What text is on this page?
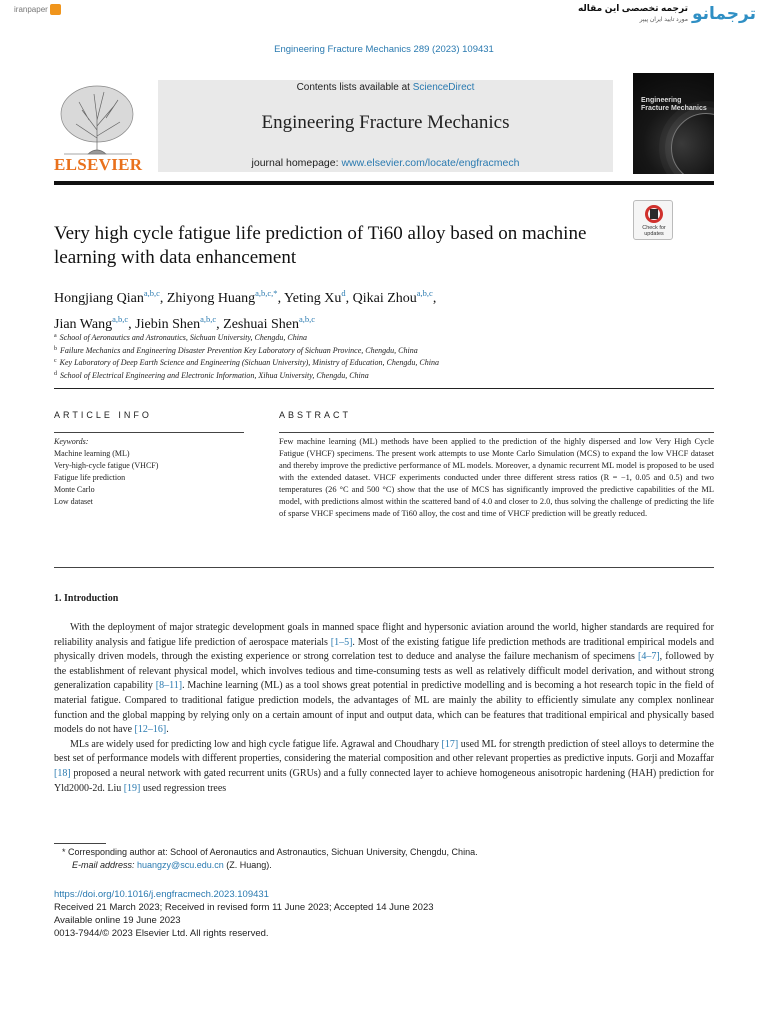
iranpaper	ترجمه تخصصی این مقاله
مورد تایید ایران پیپر ترجمانو
Engineering Fracture Mechanics 289 (2023) 109431
ELSEVIER
Contents lists available at ScienceDirect
Engineering Fracture Mechanics
journal homepage: www.elsevier.com/locate/engfracmech
Engineering Fracture Mechanics
Check for updates
Very high cycle fatigue life prediction of Ti60 alloy based on machine learning with data enhancement
Hongjiang Qian$^{a,b,c}$, Zhiyong Huang$^{a,b,c,*}$, Yeting Xu$^d$, Qikai Zhou$^{a,b,c}$,
Jian Wang$^{a,b,c}$, Jiebin Shen$^{a,b,c}$, Zeshuai Shen$^{a,b,c}$
$^a$ School of Aeronautics and Astronautics, Sichuan University, Chengdu, China
$^b$ Failure Mechanics and Engineering Disaster Prevention Key Laboratory of Sichuan Province, Chengdu, China
$^c$ Key Laboratory of Deep Earth Science and Engineering (Sichuan University), Ministry of Education, Chengdu, China
$^d$ School of Electrical Engineering and Electronic Information, Xihua University, Chengdu, China
ARTICLE INFO	ABSTRACT
Keywords:
Machine learning (ML)
Very-high-cycle fatigue (VHCF)
Fatigue life prediction
Monte Carlo
Low dataset
Few machine learning (ML) methods have been applied to the prediction of the highly dispersed and low Very High Cycle Fatigue (VHCF) specimens. The present work attempts to use Monte Carlo Simulation (MCS) to expand the low VHCF dataset and thereby improve the predictive performance of ML models. Moreover, a dynamic recurrent ML model is proposed to be used with the extended dataset. VHCF experiments conducted under three different stress ratios (R = −1, 0.05 and 0.5) and two temperatures (26 °C and 500 °C) show that the use of MCS has significantly improved the predictive capabilities of the ML model, with predictions almost within the scattered band of 4.0 and closer to 2.0, thus solving the challenge of predicting the life of sparse VHCF specimens made of Ti60 alloy, the cost and time of VHCF prediction will be greatly reduced.
1. Introduction

With the deployment of major strategic development goals in manned space flight and hypersonic aviation around the world, higher standards are required for reliability analysis and fatigue life prediction of aerospace materials [1–5]. Most of the existing fatigue life prediction methods are traditional empirical models and physically driven models, through the existing experience or strong correlation test to deduce and analyse the failure mechanism of specimens [4–7], followed by the establishment of relevant physical model, which involves tedious and time-consuming tests as well as relatively difficult model derivation, and without strong generalization capability [8–11]. Machine learning (ML) as a tool shows great potential in predictive modelling and is becoming a hot research topic in the field of material fatigue. Compared to traditional fatigue prediction models, the advantages of ML are mainly the ability to efficiently simulate any complex nonlinear function and the global mapping by relying only on a certain amount of input and output data, which can be features that traditional empirical and physically based models do not have [12–16].

MLs are widely used for predicting low and high cycle fatigue life. Agrawal and Choudhary [17] used ML for strength prediction of steel alloys to determine the best set of performance models with different properties, considering the material composition and other relevant properties as predictive inputs. Gorji and Mozaffar [18] proposed a neural network with gated recurrent units (GRUs) and a fully connected layer to achieve homogeneous anisotropic hardening (HAH) prediction for Yld2000-2d. Liu [19] used regression trees

* Corresponding author at: School of Aeronautics and Astronautics, Sichuan University, Chengdu, China.
E-mail address: huangzy@scu.edu.cn (Z. Huang).
https://doi.org/10.1016/j.engfracmech.2023.109431
Received 21 March 2023; Received in revised form 11 June 2023; Accepted 14 June 2023
Available online 19 June 2023
0013-7944/© 2023 Elsevier Ltd. All rights reserved.
